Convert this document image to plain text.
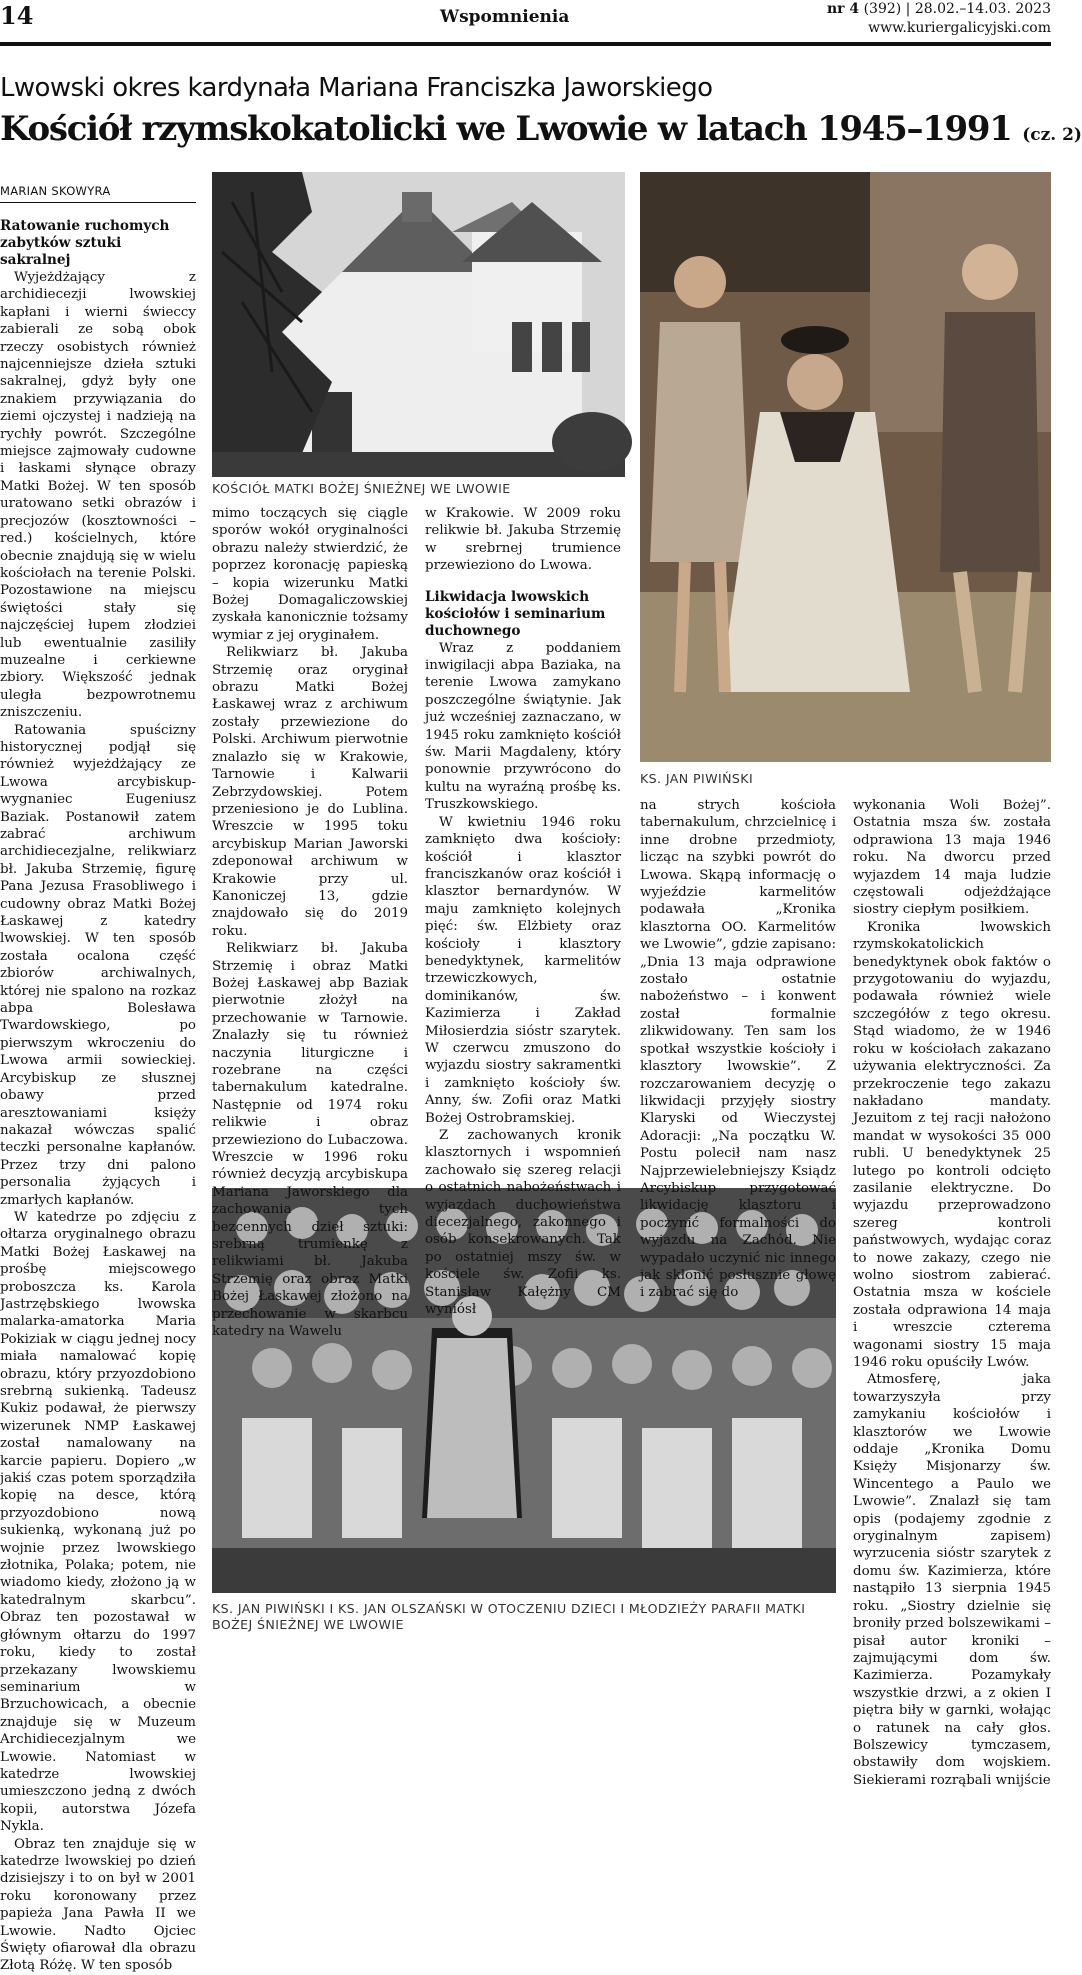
14	Wspomnienia	nr 4 (392) | 28.02.–14.03. 2023
www.kuriergalicyjski.com
Lwowski okres kardynała Mariana Franciszka Jaworskiego
Kościół rzymskokatolicki we Lwowie w latach 1945–1991 (cz. 2)
MARIAN SKOWYRA
KOŚCIÓŁ MATKI BOŻEJ ŚNIEŻNEJ WE LWOWIE
KS. JAN PIWIŃSKI
KS. JAN PIWIŃSKI I KS. JAN OLSZAŃSKI W OTOCZENIU DZIECI I MŁODZIEŻY PARAFII MATKI BOŻEJ ŚNIEŻNEJ WE LWOWIE
Ratowanie ruchomych zabytków sztuki sakralnej

Wyjeżdżający z archidiecezji lwowskiej kapłani i wierni świeccy zabierali ze sobą obok rzeczy osobistych również najcenniejsze dzieła sztuki sakralnej, gdyż były one znakiem przywiązania do ziemi ojczystej i nadzieją na rychły powrót. Szczególne miejsce zajmowały cudowne i łaskami słynące obrazy Matki Bożej. W ten sposób uratowano setki obrazów i precjozów (kosztowności – red.) kościelnych, które obecnie znajdują się w wielu kościołach na terenie Polski. Pozostawione na miejscu świętości stały się najczęściej łupem złodziei lub ewentualnie zasiliły muzealne i cerkiewne zbiory. Większość jednak uległa bezpowrotnemu zniszczeniu.

Ratowania spuścizny historycznej podjął się również wyjeżdżający ze Lwowa arcybiskup-wygnaniec Eugeniusz Baziak. Postanowił zatem zabrać archiwum archidiecezjalne, relikwiarz bł. Jakuba Strzemię, figurę Pana Jezusa Frasobliwego i cudowny obraz Matki Bożej Łaskawej z katedry lwowskiej. W ten sposób została ocalona część zbiorów archiwalnych, której nie spalono na rozkaz abpa Bolesława Twardowskiego, po pierwszym wkroczeniu do Lwowa armii sowieckiej. Arcybiskup ze słusznej obawy przed aresztowaniami księży nakazał wówczas spalić teczki personalne kapłanów. Przez trzy dni palono personalia żyjących i zmarłych kapłanów.

W katedrze po zdjęciu z ołtarza oryginalnego obrazu Matki Bożej Łaskawej na prośbę miejscowego proboszcza ks. Karola Jastrzębskiego lwowska malarka-amatorka Maria Pokiziak w ciągu jednej nocy miała namalować kopię obrazu, który przyozdobiono srebrną sukienką. Tadeusz Kukiz podawał, że pierwszy wizerunek NMP Łaskawej został namalowany na karcie papieru. Dopiero „w jakiś czas potem sporządziła kopię na desce, którą przyozdobiono nową sukienką, wykonaną już po wojnie przez lwowskiego złotnika, Polaka; potem, nie wiadomo kiedy, złożono ją w katedralnym skarbcu”. Obraz ten pozostawał w głównym ołtarzu do 1997 roku, kiedy to został przekazany lwowskiemu seminarium w Brzuchowicach, a obecnie znajduje się w Muzeum Archidiecezjalnym we Lwowie. Natomiast w katedrze lwowskiej umieszczono jedną z dwóch kopii, autorstwa Józefa Nykla.

Obraz ten znajduje się w katedrze lwowskiej po dzień dzisiejszy i to on był w 2001 roku koronowany przez papieża Jana Pawła II we Lwowie. Nadto Ojciec Święty ofiarował dla obrazu Złotą Różę. W ten sposób

mimo toczących się ciągle sporów wokół oryginalności obrazu należy stwierdzić, że poprzez koronację papieską – kopia wizerunku Matki Bożej Domagaliczowskiej zyskała kanonicznie tożsamy wymiar z jej oryginałem.

Relikwiarz bł. Jakuba Strzemię oraz oryginał obrazu Matki Bożej Łaskawej wraz z archiwum zostały przewiezione do Polski. Archiwum pierwotnie znalazło się w Krakowie, Tarnowie i Kalwarii Zebrzydowskiej. Potem przeniesiono je do Lublina. Wreszcie w 1995 toku arcybiskup Marian Jaworski zdeponował archiwum w Krakowie przy ul. Kanoniczej 13, gdzie znajdowało się do 2019 roku.

Relikwiarz bł. Jakuba Strzemię i obraz Matki Bożej Łaskawej abp Baziak pierwotnie złożył na przechowanie w Tarnowie. Znalazły się tu również naczynia liturgiczne i rozebrane na części tabernakulum katedralne. Następnie od 1974 roku relikwie i obraz przewieziono do Lubaczowa. Wreszcie w 1996 roku również decyzją arcybiskupa Mariana Jaworskiego dla zachowania tych bezcennych dzieł sztuki: srebrną trumienkę z relikwiami bł. Jakuba Strzemię oraz obraz Matki Bożej Łaskawej złożono na przechowanie w skarbcu katedry na Wawelu

w Krakowie. W 2009 roku relikwie bł. Jakuba Strzemię w srebrnej trumience przewieziono do Lwowa.

Likwidacja lwowskich kościołów i seminarium duchownego

Wraz z poddaniem inwigilacji abpa Baziaka, na terenie Lwowa zamykano poszczególne świątynie. Jak już wcześniej zaznaczano, w 1945 roku zamknięto kościół św. Marii Magdaleny, który ponownie przywrócono do kultu na wyraźną prośbę ks. Truszkowskiego.

W kwietniu 1946 roku zamknięto dwa kościoły: kościół i klasztor franciszkanów oraz kościół i klasztor bernardynów. W maju zamknięto kolejnych pięć: św. Elżbiety oraz kościoły i klasztory benedyktynek, karmelitów trzewiczkowych, dominikanów, św. Kazimierza i Zakład Miłosierdzia sióstr szarytek. W czerwcu zmuszono do wyjazdu siostry sakramentki i zamknięto kościoły św. Anny, św. Zofii oraz Matki Bożej Ostrobramskiej.

Z zachowanych kronik klasztornych i wspomnień zachowało się szereg relacji o ostatnich nabożeństwach i wyjazdach duchowieństwa diecezjalnego, zakonnego i osób konsekrowanych. Tak po ostatniej mszy św. w kościele św. Zofii ks. Stanisław Kałężny CM wyniósł

na strych kościoła tabernakulum, chrzcielnicę i inne drobne przedmioty, licząc na szybki powrót do Lwowa. Skąpą informację o wyjeździe karmelitów podawała „Kronika klasztorna OO. Karmelitów we Lwowie”, gdzie zapisano: „Dnia 13 maja odprawione zostało ostatnie nabożeństwo – i konwent został formalnie zlikwidowany. Ten sam los spotkał wszystkie kościoły i klasztory lwowskie”. Z rozczarowaniem decyzję o likwidacji przyjęły siostry Klaryski od Wieczystej Adoracji: „Na początku W. Postu polecił nam nasz Najprzewielebniejszy Ksiądz Arcybiskup przygotować likwidację klasztoru i poczynić formalności do wyjazdu na Zachód. Nie wypadało uczynić nic innego jak skłonić posłusznie głowę i zabrać się do

wykonania Woli Bożej”. Ostatnia msza św. została odprawiona 13 maja 1946 roku. Na dworcu przed wyjazdem 14 maja ludzie częstowali odjeżdżające siostry ciepłym posiłkiem.

Kronika lwowskich rzymskokatolickich benedyktynek obok faktów o przygotowaniu do wyjazdu, podawała również wiele szczegółów z tego okresu. Stąd wiadomo, że w 1946 roku w kościołach zakazano używania elektryczności. Za przekroczenie tego zakazu nakładano mandaty. Jezuitom z tej racji nałożono mandat w wysokości 35 000 rubli. U benedyktynek 25 lutego po kontroli odcięto zasilanie elektryczne. Do wyjazdu przeprowadzono szereg kontroli państwowych, wydając coraz to nowe zakazy, czego nie wolno siostrom zabierać. Ostatnia msza w kościele została odprawiona 14 maja i wreszcie czterema wagonami siostry 15 maja 1946 roku opuściły Lwów.

Atmosferę, jaka towarzyszyła przy zamykaniu kościołów i klasztorów we Lwowie oddaje „Kronika Domu Księży Misjonarzy św. Wincentego a Paulo we Lwowie”. Znalazł się tam opis (podajemy zgodnie z oryginalnym zapisem) wyrzucenia sióstr szarytek z domu św. Kazimierza, które nastąpiło 13 sierpnia 1945 roku. „Siostry dzielnie się broniły przed bolszewikami – pisał autor kroniki – zajmującymi dom św. Kazimierza. Pozamykały wszystkie drzwi, a z okien I piętra biły w garnki, wołając o ratunek na cały głos. Bolszewicy tymczasem, obstawiły dom wojskiem. Siekierami rozrąbali wnijście
